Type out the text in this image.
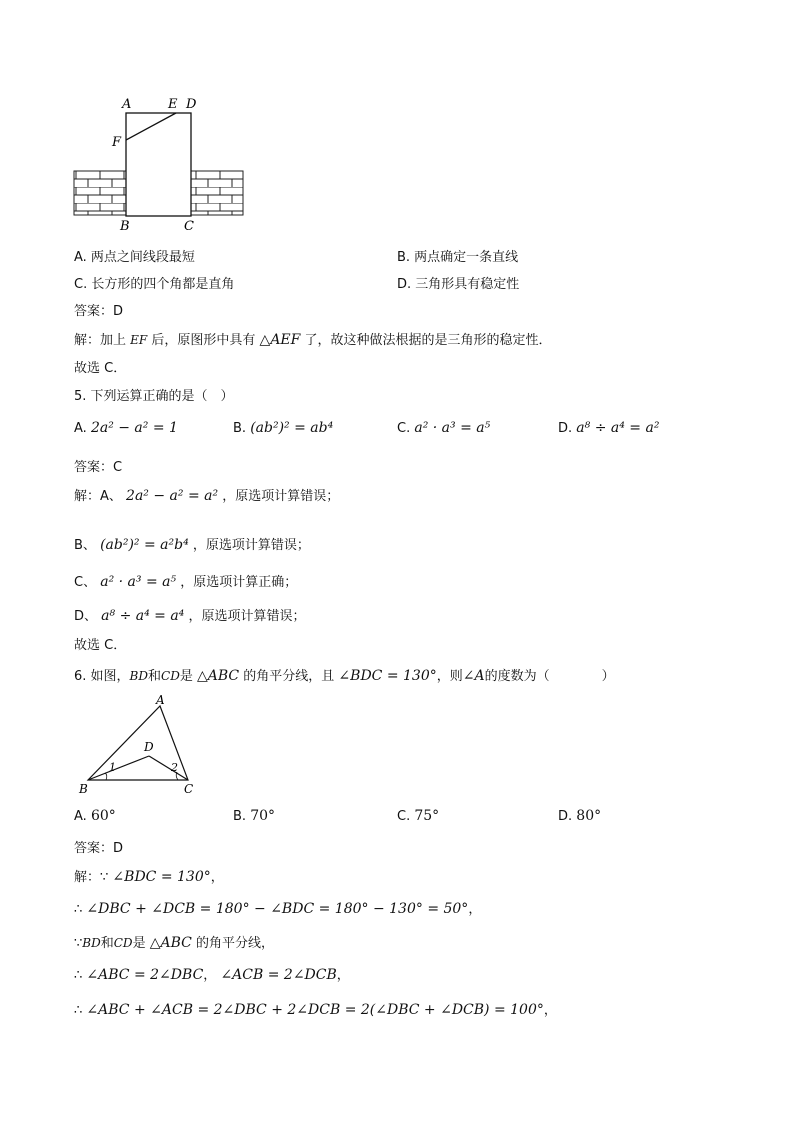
A	E D
F
B	C
A. 两点之间线段最短	B. 两点确定一条直线
C. 长方形的四个角都是直角	D. 三角形具有稳定性
答案：D
解：加上 EF 后，原图形中具有 △AEF 了，故这种做法根据的是三角形的稳定性．
故选 C．
5. 下列运算正确的是（　）
A. 2a² − a² = 1	B. (ab²)² = ab⁴	C. a² · a³ = a⁵	D. a⁸ ÷ a⁴ = a²
答案：C
解：A、 2a² − a² = a² ，原选项计算错误；
B、 (ab²)² = a²b⁴ ，原选项计算错误；
C、 a² · a³ = a⁵ ，原选项计算正确；
D、 a⁸ ÷ a⁴ = a⁴ ，原选项计算错误；
故选 C．
6. 如图，BD和CD是 △ABC 的角平分线，且 ∠BDC = 130°，则∠A的度数为（　　　　）
A
D
B	C
1	2
A. 60°	B. 70°	C. 75°	D. 80°
答案：D
解：∵ ∠BDC = 130°，
∴ ∠DBC + ∠DCB = 180° − ∠BDC = 180° − 130° = 50°，
∵BD和CD是 △ABC 的角平分线，
∴ ∠ABC = 2∠DBC， ∠ACB = 2∠DCB，
∴ ∠ABC + ∠ACB = 2∠DBC + 2∠DCB = 2(∠DBC + ∠DCB) = 100°，
